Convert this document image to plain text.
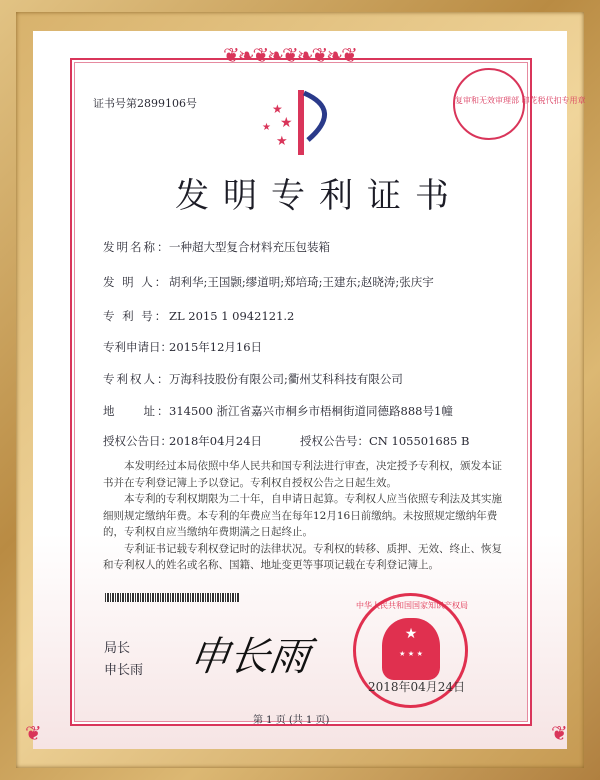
❦❧❦❧❦❧❦❧❦
❦	❦
证书号第2899106号	★
★
★
★
复审和无效审理部 印花税代扣专用章
发明专利证书
发明名称：一种超大型复合材料充压包装箱
发 明 人：胡利华;王国颢;缪道明;郑培琦;王建东;赵晓涛;张庆宇
专 利 号：ZL 2015 1 0942121.2
专利申请日：2015年12月16日
专利权人：万海科技股份有限公司;衢州艾科科技有限公司
地　　址：314500 浙江省嘉兴市桐乡市梧桐街道同德路888号1幢
授权公告日：2018年04月24日	授权公告号：CN 105501685 B

本发明经过本局依照中华人民共和国专利法进行审查，决定授予专利权，颁发本证书并在专利登记簿上予以登记。专利权自授权公告之日起生效。

本专利的专利权期限为二十年，自申请日起算。专利权人应当依照专利法及其实施细则规定缴纳年费。本专利的年费应当在每年12月16日前缴纳。未按照规定缴纳年费的，专利权自应当缴纳年费期满之日起终止。

专利证书记载专利权登记时的法律状况。专利权的转移、质押、无效、终止、恢复和专利权人的姓名或名称、国籍、地址变更等事项记载在专利登记簿上。

局长
申长雨 申长雨	★
⋆⋆⋆
中华人民共和国国家知识产权局
2018年04月24日
第 1 页 (共 1 页)
